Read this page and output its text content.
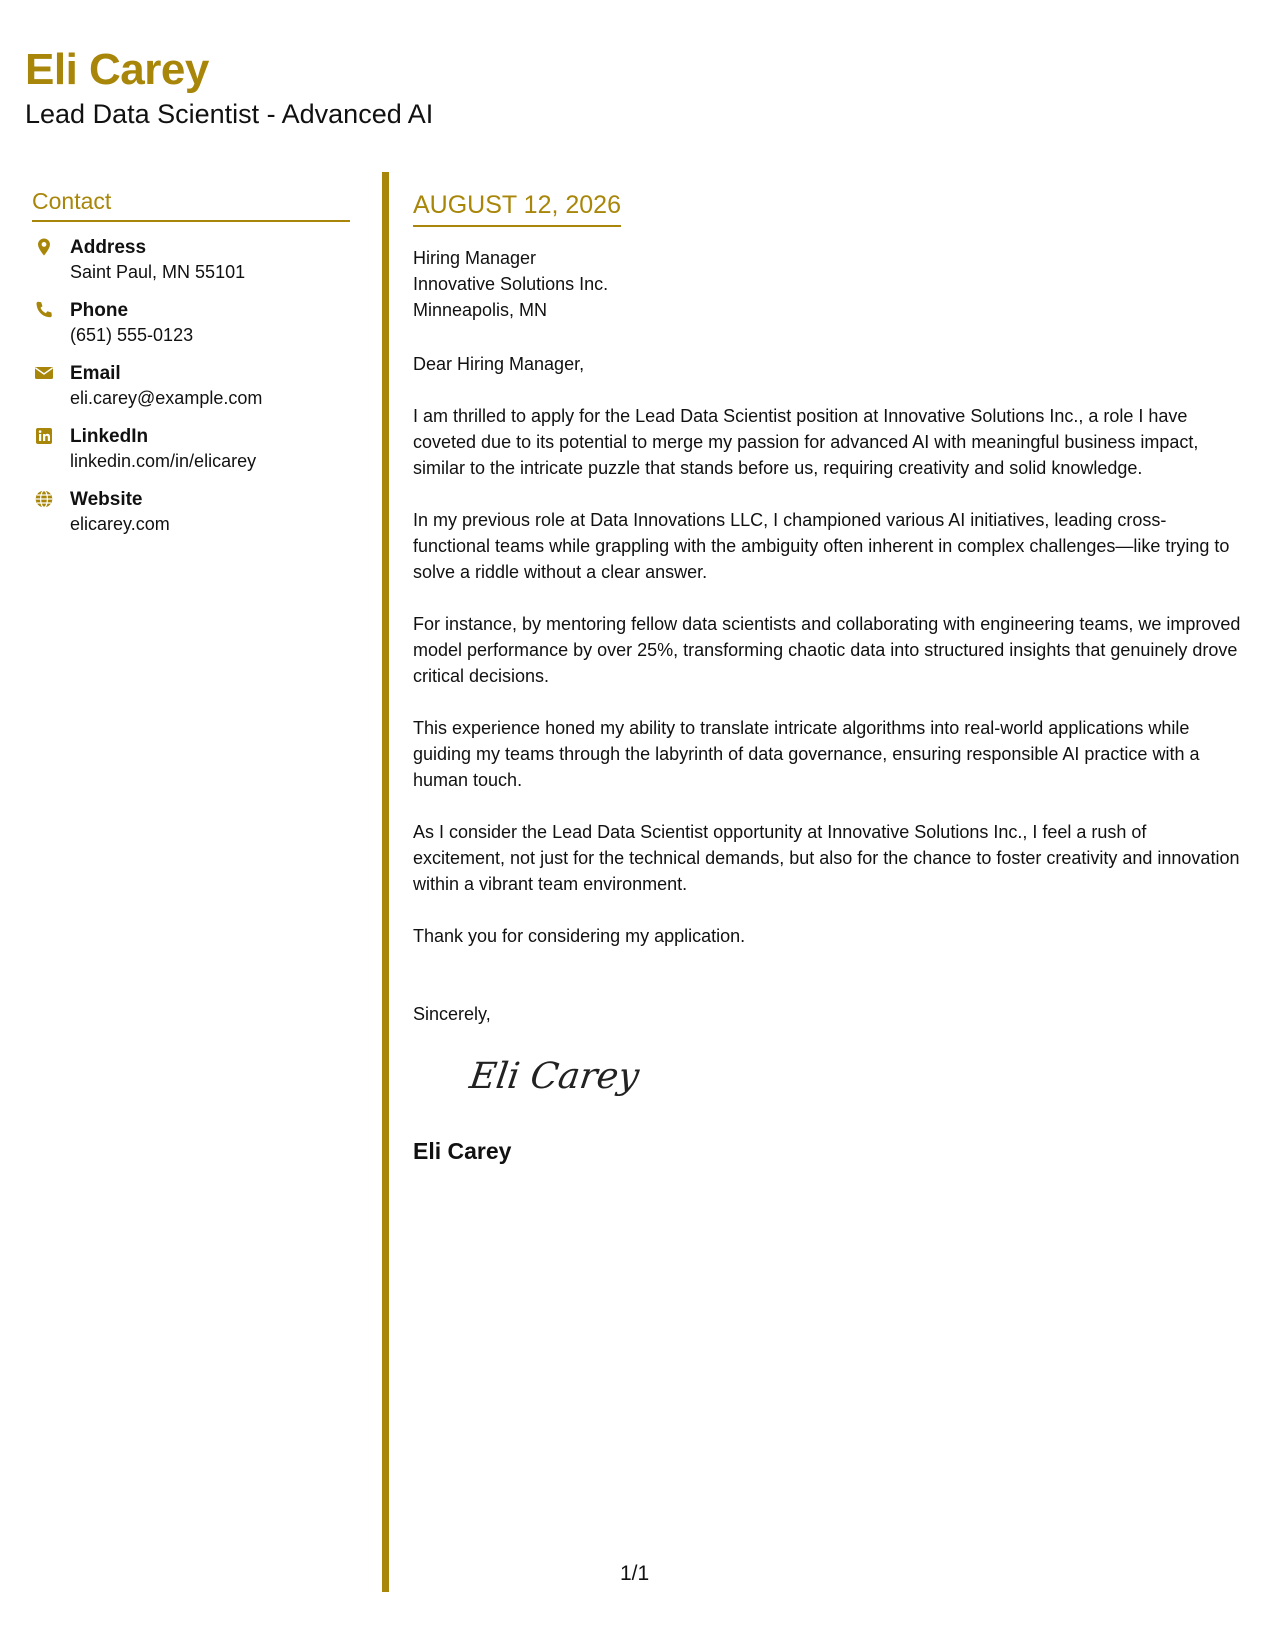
Eli Carey
Lead Data Scientist - Advanced AI
Contact
Address
Saint Paul, MN 55101
Phone
(651) 555-0123
Email
eli.carey@example.com
LinkedIn
linkedin.com/in/elicarey
Website
elicarey.com
AUGUST 12, 2026
Hiring Manager
Innovative Solutions Inc.
Minneapolis, MN
Dear Hiring Manager,
I am thrilled to apply for the Lead Data Scientist position at Innovative Solutions Inc., a role I have coveted due to its potential to merge my passion for advanced AI with meaningful business impact, similar to the intricate puzzle that stands before us, requiring creativity and solid knowledge.
In my previous role at Data Innovations LLC, I championed various AI initiatives, leading cross-functional teams while grappling with the ambiguity often inherent in complex challenges—like trying to solve a riddle without a clear answer.
For instance, by mentoring fellow data scientists and collaborating with engineering teams, we improved model performance by over 25%, transforming chaotic data into structured insights that genuinely drove critical decisions.
This experience honed my ability to translate intricate algorithms into real-world applications while guiding my teams through the labyrinth of data governance, ensuring responsible AI practice with a human touch.
As I consider the Lead Data Scientist opportunity at Innovative Solutions Inc., I feel a rush of excitement, not just for the technical demands, but also for the chance to foster creativity and innovation within a vibrant team environment.
Thank you for considering my application.
Sincerely,
Eli Carey
Eli Carey
1/1
